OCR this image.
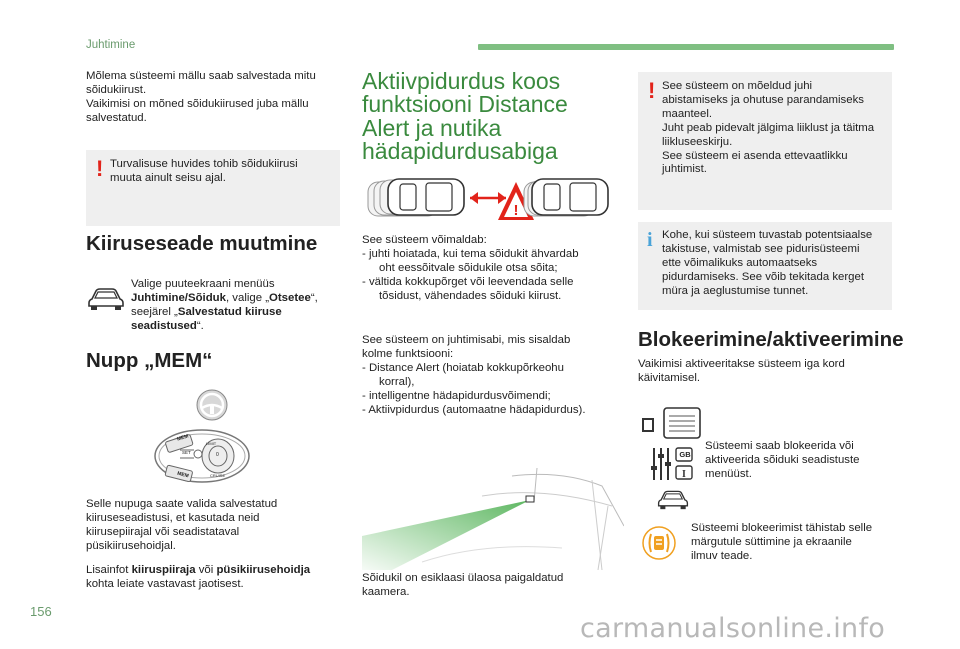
Juhtimine

Mõlema süsteemi mällu saab salvestada mitu

sõidukiirust.

Vaikimisi on mõned sõidukiirused juba mällu

salvestatud.

! Turvalisuse huvides tohib sõidukiirusi

muuta ainult seisu ajal.

Kiiruseseade muutmine

Valige puuteekraani menüüs

Juhtimine/Sõiduk, valige „Otsetee“,

seejärel „Salvestatud kiiruse

seadistused“.

Nupp „MEM“
MEM
MEM
SET	0
LIMIT
CRUISE

Selle nupuga saate valida salvestatud

kiiruseseadistusi, et kasutada neid

kiirusepiirajal või seadistataval

püsikiirusehoidjal.

Lisainfot kiiruspiiraja või püsikiirusehoidja

kohta leiate vastavast jaotisest.

Aktiivpidurdus koos
funktsiooni Distance
Alert ja nutika
hädapidurdusabiga
!

See süsteem võimaldab:

- juhti hoiatada, kui tema sõidukit ähvardab

oht eessõitvale sõidukile otsa sõita;

- vältida kokkupõrget või leevendada selle

tõsidust, vähendades sõiduki kiirust.

See süsteem on juhtimisabi, mis sisaldab

kolme funktsiooni:

- Distance Alert (hoiatab kokkupõrkeohu

korral),

- intelligentne hädapidurdusvõimendi;

- Aktiivpidurdus (automaatne hädapidurdus).

Sõidukil on esiklaasi ülaosa paigaldatud

kaamera.

! See süsteem on mõeldud juhi

abistamiseks ja ohutuse parandamiseks

maanteel.

Juht peab pidevalt jälgima liiklust ja täitma

liikluseeskirju.

See süsteem ei asenda ettevaatlikku

juhtimist.

i Kohe, kui süsteem tuvastab potentsiaalse

takistuse, valmistab see pidurisüsteemi

ette võimalikuks automaatseks

pidurdamiseks. See võib tekitada kerget

müra ja aeglustumise tunnet.

Blokeerimine/aktiveerimine

Vaikimisi aktiveeritakse süsteem iga kord

käivitamisel.

I
GB

Süsteemi saab blokeerida või

aktiveerida sõiduki seadistuste

menüüst.

Süsteemi blokeerimist tähistab selle

märgutule süttimine ja ekraanile

ilmuv teade.

156
carmanualsonline.info
